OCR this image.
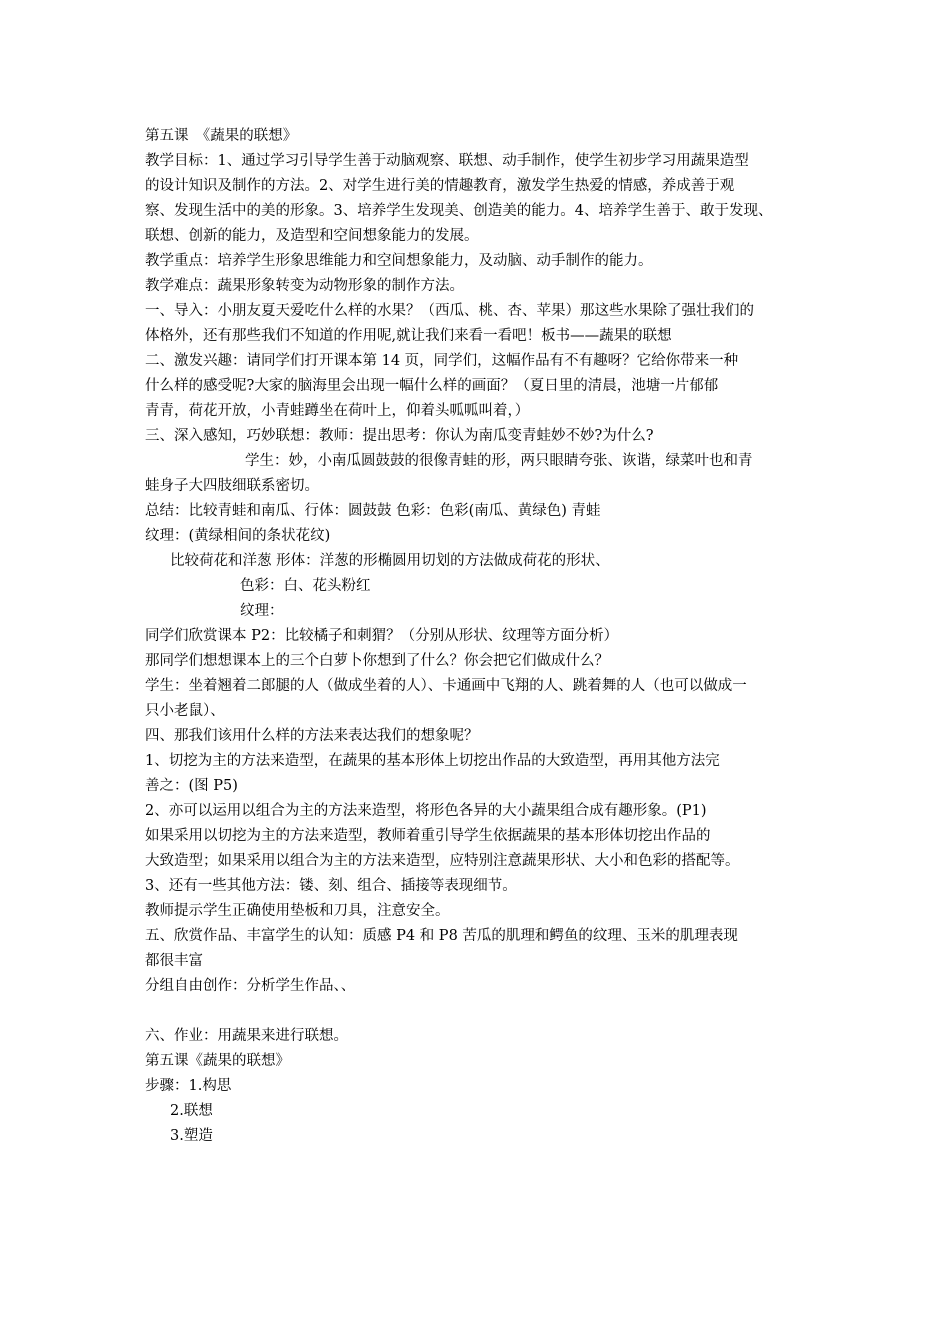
第五课　《蔬果的联想》
教学目标：1、通过学习引导学生善于动脑观察、联想、动手制作，使学生初步学习用蔬果造型
的设计知识及制作的方法。2、对学生进行美的情趣教育，激发学生热爱的情感，养成善于观
察、发现生活中的美的形象。3、培养学生发现美、创造美的能力。4、培养学生善于、敢于发现、
联想、创新的能力，及造型和空间想象能力的发展。
教学重点：培养学生形象思维能力和空间想象能力，及动脑、动手制作的能力。
教学难点：蔬果形象转变为动物形象的制作方法。
一、导入：小朋友夏天爱吃什么样的水果？（西瓜、桃、杏、苹果）那这些水果除了强壮我们的
体格外，还有那些我们不知道的作用呢,就让我们来看一看吧！板书——蔬果的联想
二、激发兴趣：请同学们打开课本第 14 页，同学们，这幅作品有不有趣呀？它给你带来一种
什么样的感受呢?大家的脑海里会出现一幅什么样的画面？（夏日里的清晨，池塘一片郁郁
青青，荷花开放，小青蛙蹲坐在荷叶上，仰着头呱呱叫着，）
三、深入感知，巧妙联想：教师：提出思考：你认为南瓜变青蛙妙不妙?为什么?
学生：妙，小南瓜圆鼓鼓的很像青蛙的形，两只眼睛夸张、诙谐，绿菜叶也和青
蛙身子大四肢细联系密切。
总结：比较青蛙和南瓜、行体：圆鼓鼓 色彩：色彩(南瓜、黄绿色) 青蛙
纹理：(黄绿相间的条状花纹)
比较荷花和洋葱 形体：洋葱的形椭圆用切划的方法做成荷花的形状、
色彩：白、花头粉红
纹理：
同学们欣赏课本 P2：比较橘子和刺猬？（分别从形状、纹理等方面分析）
那同学们想想课本上的三个白萝卜你想到了什么？你会把它们做成什么？
学生：坐着翘着二郎腿的人（做成坐着的人）、卡通画中飞翔的人、跳着舞的人（也可以做成一
只小老鼠）、
四、那我们该用什么样的方法来表达我们的想象呢？
1、切挖为主的方法来造型，在蔬果的基本形体上切挖出作品的大致造型，再用其他方法完
善之：(图 P5)
2、亦可以运用以组合为主的方法来造型，将形色各异的大小蔬果组合成有趣形象。(P1)
如果采用以切挖为主的方法来造型，教师着重引导学生依据蔬果的基本形体切挖出作品的
大致造型；如果采用以组合为主的方法来造型，应特别注意蔬果形状、大小和色彩的搭配等。
3、还有一些其他方法：镂、刻、组合、插接等表现细节。
教师提示学生正确使用垫板和刀具，注意安全。
五、欣赏作品、丰富学生的认知：质感 P4 和 P8 苦瓜的肌理和鳄鱼的纹理、玉米的肌理表现
都很丰富
分组自由创作：分析学生作品、、
六、作业：用蔬果来进行联想。
第五课《蔬果的联想》
步骤：1.构思
2.联想
3.塑造
